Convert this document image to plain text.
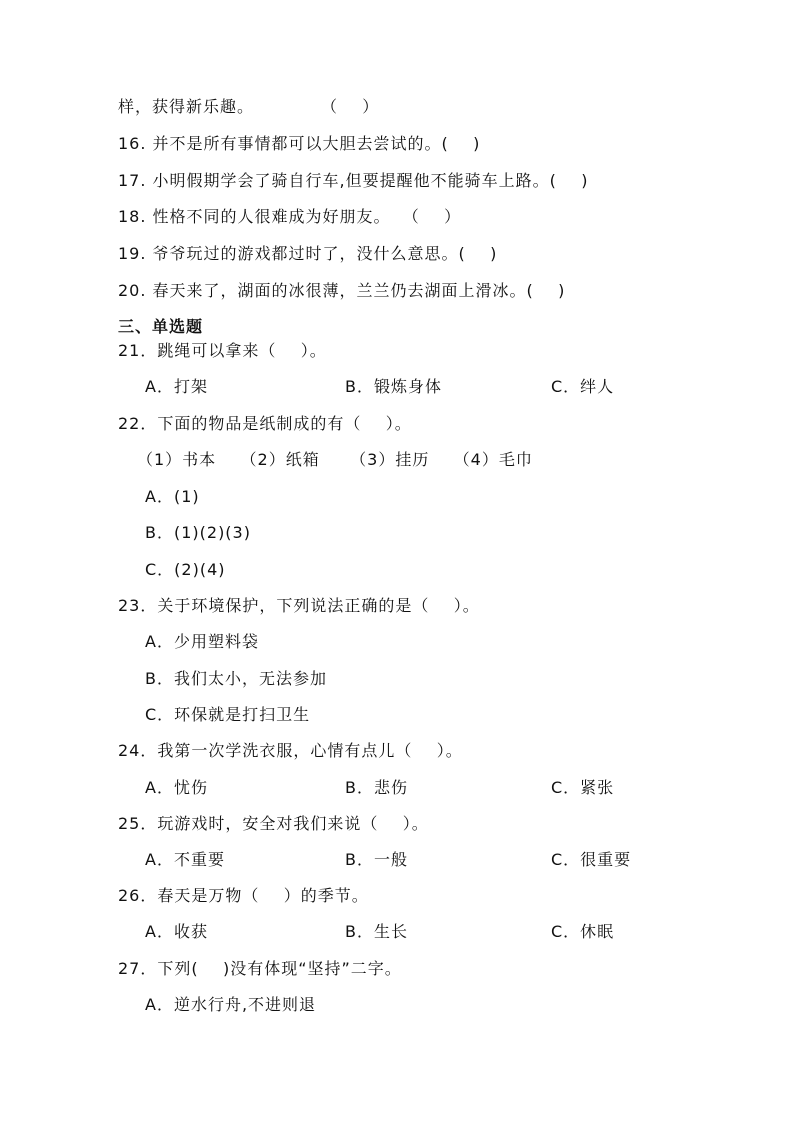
样，获得新乐趣。           （    ）
16. 并不是所有事情都可以大胆去尝试的。(    )
17. 小明假期学会了骑自行车,但要提醒他不能骑车上路。(    )
18. 性格不同的人很难成为好朋友。  （    ）
19. 爷爷玩过的游戏都过时了，没什么意思。(    )
20. 春天来了，湖面的冰很薄，兰兰仍去湖面上滑冰。(    )
三、单选题
21．跳绳可以拿来（    ）。
A．打架	B．锻炼身体	C．绊人
22．下面的物品是纸制成的有（    ）。
（1）书本    （2）纸箱     （3）挂历    （4）毛巾
A．(1)
B．(1)(2)(3)
C．(2)(4)
23．关于环境保护，下列说法正确的是（    ）。
A．少用塑料袋
B．我们太小，无法参加
C．环保就是打扫卫生
24．我第一次学洗衣服，心情有点儿（    ）。
A．忧伤	B．悲伤	C．紧张
25．玩游戏时，安全对我们来说（    ）。
A．不重要	B．一般	C．很重要
26．春天是万物（    ）的季节。
A．收获	B．生长	C．休眠
27．下列(    )没有体现“坚持”二字。
A．逆水行舟,不进则退
